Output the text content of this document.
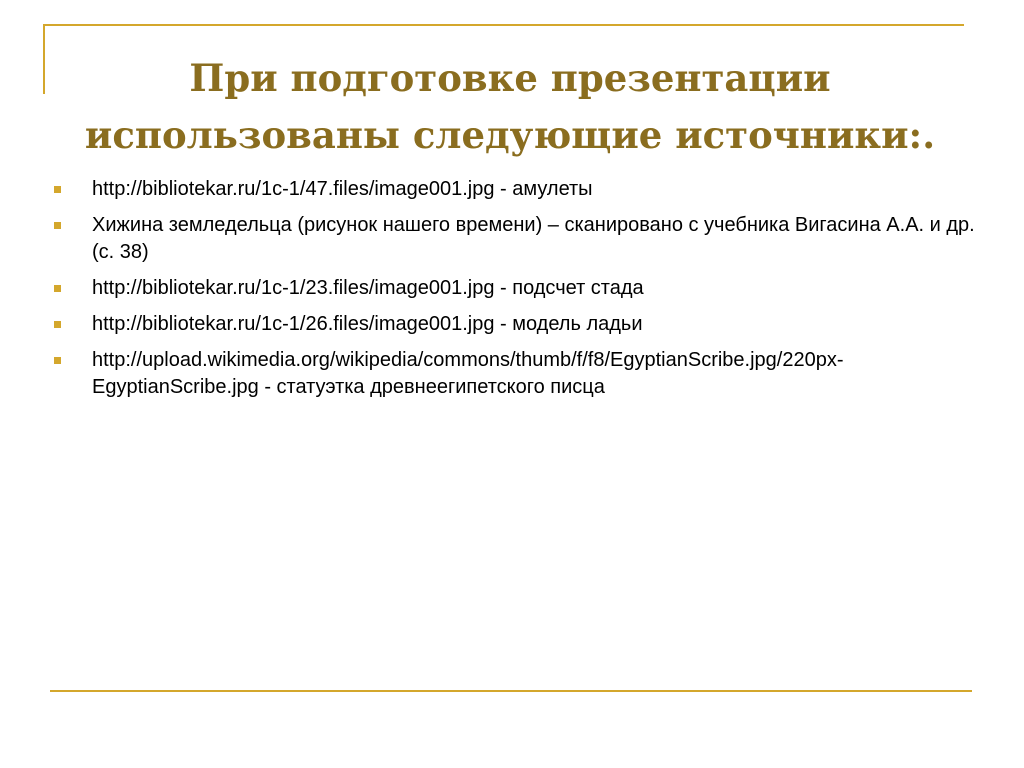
При подготовке презентации использованы следующие источники:.
http://bibliotekar.ru/1c-1/47.files/image001.jpg - амулеты
Хижина земледельца (рисунок нашего времени) – сканировано с учебника Вигасина А.А. и др. (с. 38)
http://bibliotekar.ru/1c-1/23.files/image001.jpg - подсчет стада
http://bibliotekar.ru/1c-1/26.files/image001.jpg - модель ладьи
http://upload.wikimedia.org/wikipedia/commons/thumb/f/f8/EgyptianScribe.jpg/220px-EgyptianScribe.jpg - статуэтка древнеегипетского писца
